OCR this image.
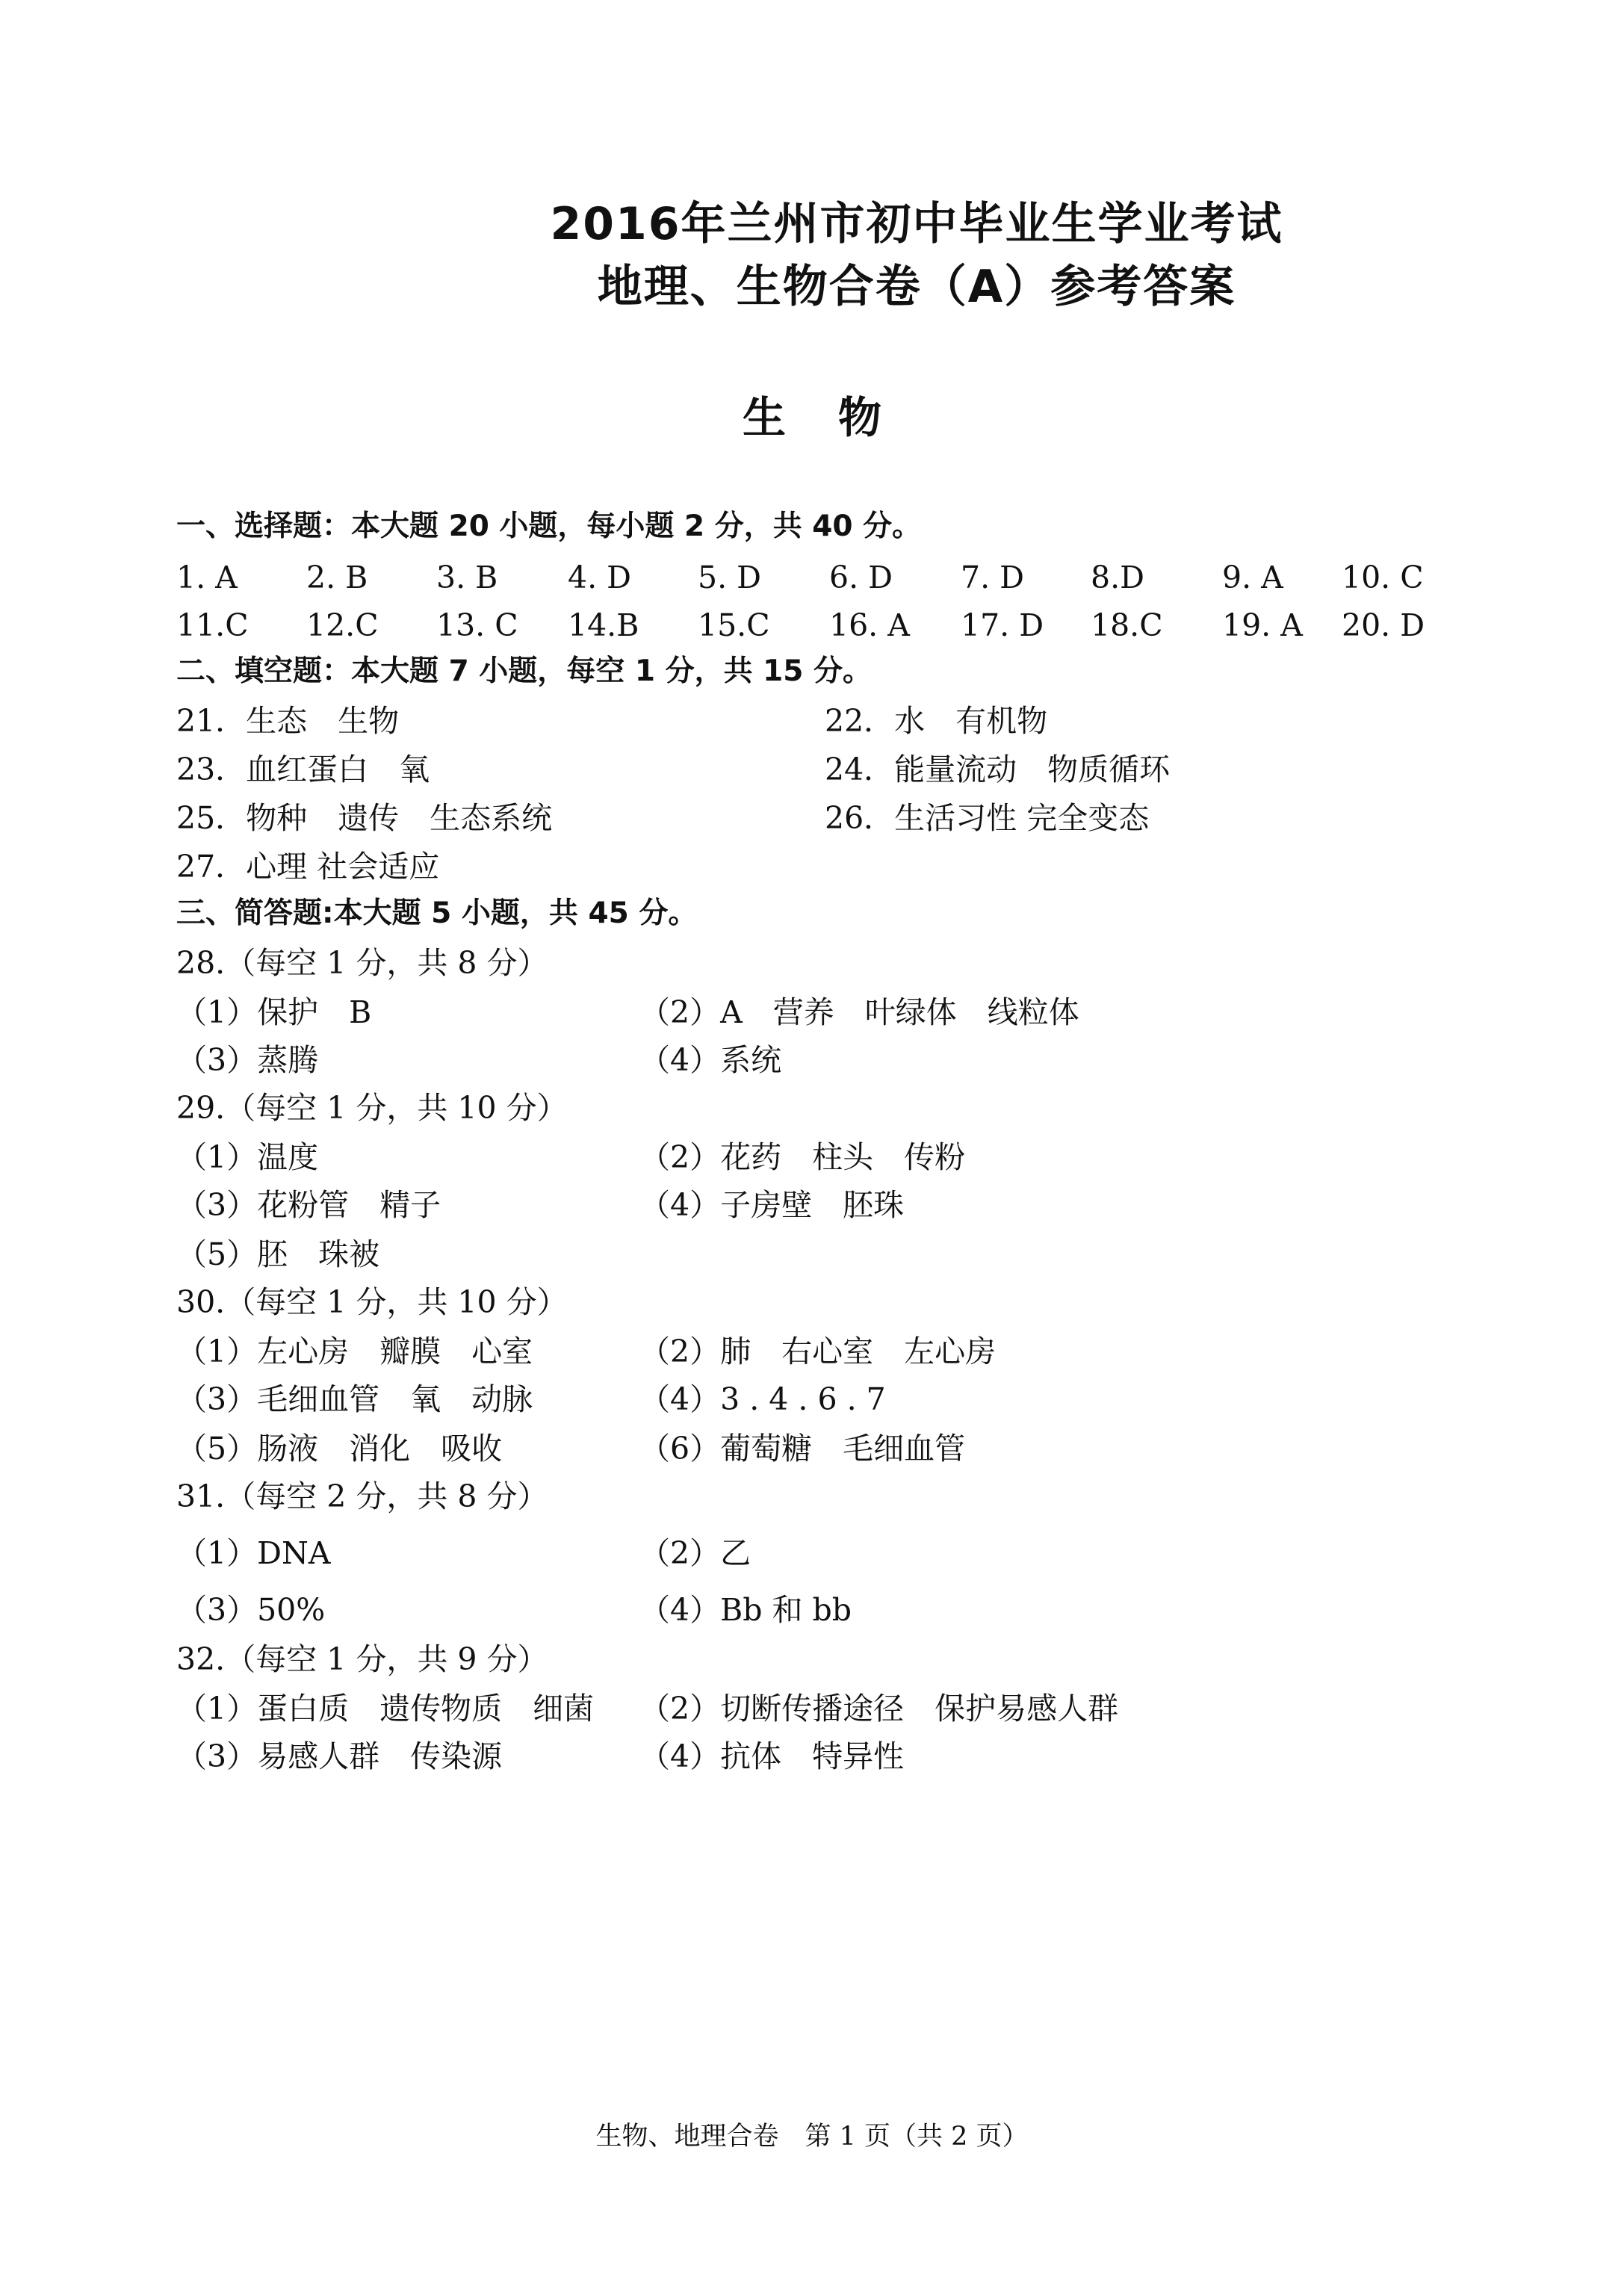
2016年兰州市初中毕业生学业考试
地理、生物合卷（A）参考答案
生物
一、选择题：本大题 20 小题，每小题 2 分，共 40 分。
1. A 2. B 3. B 4. D 5. D 6. D 7. D 8.D	9. A 10. C
11.C 12.C 13. C 14.B 15.C 16. A 17. D 18.C 19. A 20. D
二、填空题：本大题 7 小题，每空 1 分，共 15 分。
21．生态　生物	22．水　有机物
23．血红蛋白　氧	24．能量流动　物质循环
25．物种　遗传　生态系统	26．生活习性 完全变态
27．心理 社会适应
三、简答题:本大题 5 小题，共 45 分。
28.（每空 1 分，共 8 分）
（1）保护　B	（2）A　营养　叶绿体　线粒体
（3）蒸腾	（4）系统
29.（每空 1 分，共 10 分）
（1）温度	（2）花药　柱头　传粉
（3）花粉管　精子	（4）子房壁　胚珠
（5）胚　珠被
30.（每空 1 分，共 10 分）
（1）左心房　瓣膜　心室	（2）肺　右心室　左心房
（3）毛细血管　氧　动脉	（4）3 . 4 . 6 . 7
（5）肠液　消化　吸收	（6）葡萄糖　毛细血管
31.（每空 2 分，共 8 分）
（1）DNA	（2）乙
（3）50%	（4）Bb 和 bb
32.（每空 1 分，共 9 分）
（1）蛋白质　遗传物质　细菌 （2）切断传播途径　保护易感人群
（3）易感人群　传染源	（4）抗体　特异性
生物、地理合卷　第 1 页（共 2 页）
